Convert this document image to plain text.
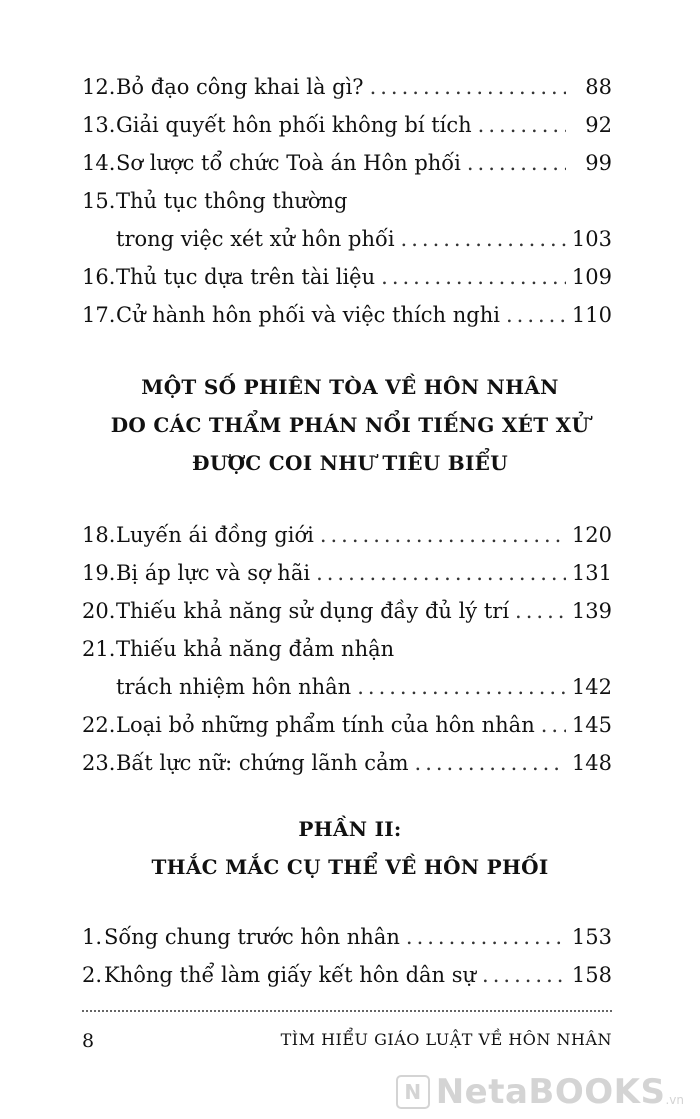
12. Bỏ đạo công khai là gì? .....	88
13. Giải quyết hôn phối không bí tích .....	92
14. Sơ lược tổ chức Toà án Hôn phối .....	99
15. Thủ tục thông thường
trong việc xét xử hôn phối .....	103
16. Thủ tục dựa trên tài liệu .....	109
17. Cử hành hôn phối và việc thích nghi .....	110
MỘT SỐ PHIÊN TÒA VỀ HÔN NHÂN
DO CÁC THẨM PHÁN NỔI TIẾNG XÉT XỬ
ĐƯỢC COI NHƯ TIÊU BIỂU
18. Luyến ái đồng giới .....	120
19. Bị áp lực và sợ hãi .....	131
20. Thiếu khả năng sử dụng đầy đủ lý trí .....	139
21. Thiếu khả năng đảm nhận
trách nhiệm hôn nhân .....	142
22. Loại bỏ những phẩm tính của hôn nhân ..... 145
23. Bất lực nữ: chứng lãnh cảm .....	148
PHẦN II:
THẮC MẮC CỤ THỂ VỀ HÔN PHỐI
1. Sống chung trước hôn nhân .....	153
2. Không thể làm giấy kết hôn dân sự .....	158
8	TÌM HIỂU GIÁO LUẬT VỀ HÔN NHÂN
N NetaBOOKS .vn
